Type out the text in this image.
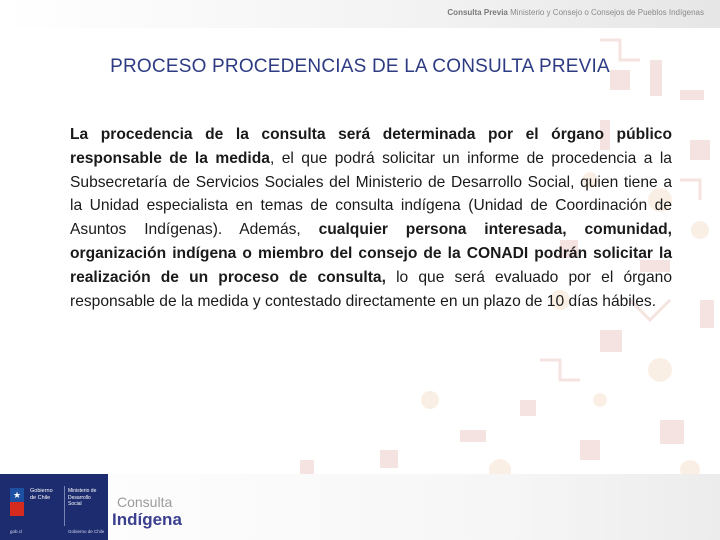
Consulta Previa Ministerio y Consejo o Consejos de Pueblos Indígenas
PROCESO PROCEDENCIAS DE LA CONSULTA PREVIA
La procedencia de la consulta será determinada por el órgano público responsable de la medida, el que podrá solicitar un informe de procedencia a la Subsecretaría de Servicios Sociales del Ministerio de Desarrollo Social, quien tiene a la Unidad especialista en temas de consulta indígena (Unidad de Coordinación de Asuntos Indígenas). Además, cualquier persona interesada, comunidad, organización indígena o miembro del consejo de la CONADI podrán solicitar la realización de un proceso de consulta, lo que será evaluado por el órgano responsable de la medida y contestado directamente en un plazo de 10 días hábiles.
★ Gobierno de Chile
Ministerio de Desarrollo Social
gob.cl	Gobierno de Chile
Consulta
Indígena
